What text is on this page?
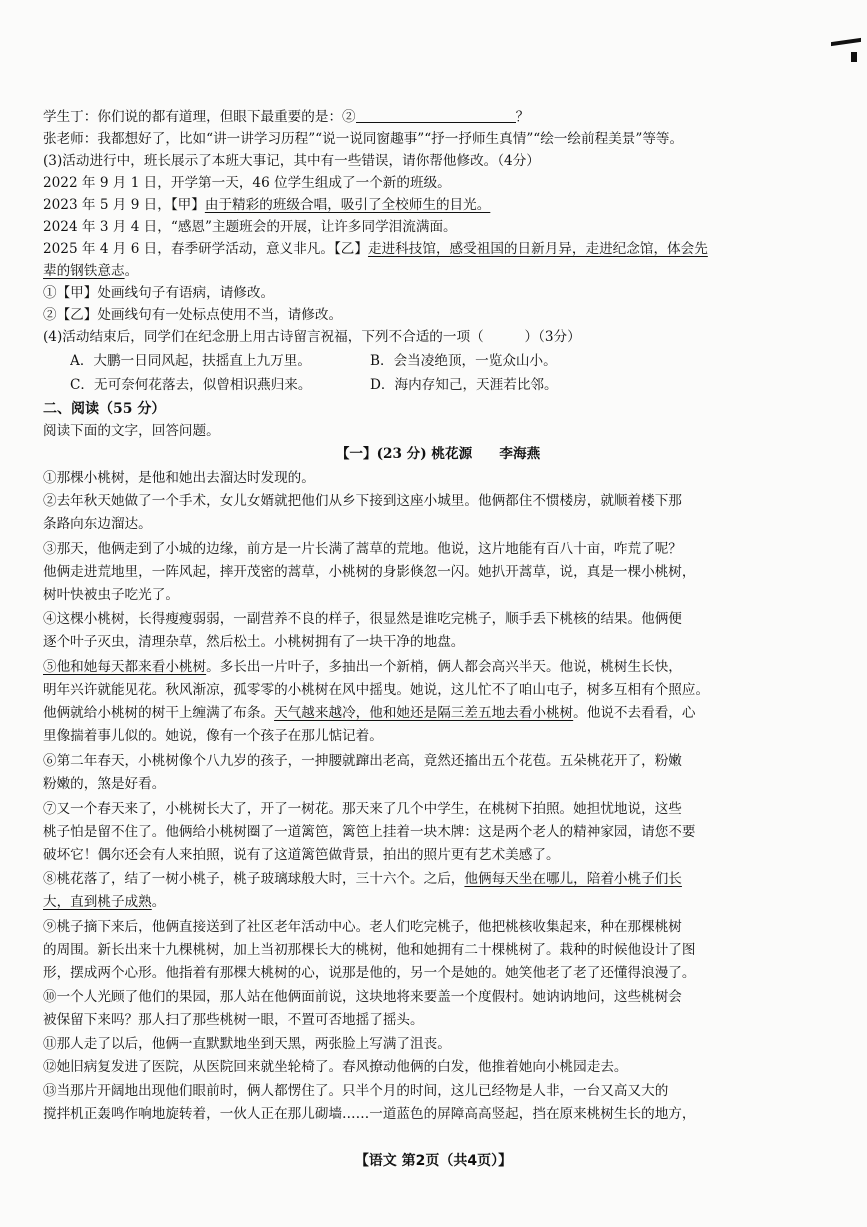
学生丁：你们说的都有道理，但眼下最重要的是：②	？
张老师：我都想好了，比如“讲一讲学习历程”“说一说同窗趣事”“抒一抒师生真情”“绘一绘前程美景”等等。
(3)活动进行中，班长展示了本班大事记，其中有一些错误，请你帮他修改。（4分）
2022 年 9 月 1 日，开学第一天，46 位学生组成了一个新的班级。
2023 年 5 月 9 日，【甲】由于精彩的班级合唱，吸引了全校师生的目光。
2024 年 3 月 4 日，“感恩”主题班会的开展，让许多同学泪流满面。
2025 年 4 月 6 日，春季研学活动，意义非凡。【乙】走进科技馆，感受祖国的日新月异，走进纪念馆，体会先
辈的钢铁意志。
①【甲】处画线句子有语病，请修改。
②【乙】处画线句有一处标点使用不当，请修改。
(4)活动结束后，同学们在纪念册上用古诗留言祝福，下列不合适的一项（　　　）（3分）
A．大鹏一日同风起，扶摇直上九万里。	B．会当凌绝顶，一览众山小。
C．无可奈何花落去，似曾相识燕归来。	D．海内存知己，天涯若比邻。
二、阅读（55 分）
阅读下面的文字，回答问题。
【一】(23 分) 桃花源　　李海燕
①那棵小桃树，是他和她出去溜达时发现的。
②去年秋天她做了一个手术，女儿女婿就把他们从乡下接到这座小城里。他俩都住不惯楼房，就顺着楼下那
条路向东边溜达。
③那天，他俩走到了小城的边缘，前方是一片长满了蒿草的荒地。他说，这片地能有百八十亩，咋荒了呢？
他俩走进荒地里，一阵风起，摔开茂密的蒿草，小桃树的身影倏忽一闪。她扒开蒿草，说，真是一棵小桃树，
树叶快被虫子吃光了。
④这棵小桃树，长得瘦瘦弱弱，一副营养不良的样子，很显然是谁吃完桃子，顺手丢下桃核的结果。他俩便
逐个叶子灭虫，清理杂草，然后松土。小桃树拥有了一块干净的地盘。
⑤他和她每天都来看小桃树。多长出一片叶子，多抽出一个新梢，俩人都会高兴半天。他说，桃树生长快，
明年兴许就能见花。秋风渐凉，孤零零的小桃树在风中摇曳。她说，这儿忙不了咱山屯子，树多互相有个照应。
他俩就给小桃树的树干上缠满了布条。天气越来越冷，他和她还是隔三差五地去看小桃树。他说不去看看，心
里像揣着事儿似的。她说，像有一个孩子在那儿惦记着。
⑥第二年春天，小桃树像个八九岁的孩子，一抻腰就蹿出老高，竟然还搐出五个花苞。五朵桃花开了，粉嫩
粉嫩的，煞是好看。
⑦又一个春天来了，小桃树长大了，开了一树花。那天来了几个中学生，在桃树下拍照。她担忧地说，这些
桃子怕是留不住了。他俩给小桃树圈了一道篱笆，篱笆上挂着一块木牌：这是两个老人的精神家园，请您不要
破坏它！偶尔还会有人来拍照，说有了这道篱笆做背景，拍出的照片更有艺术美感了。
⑧桃花落了，结了一树小桃子，桃子玻璃球般大时，三十六个。之后，他俩每天坐在哪儿，陪着小桃子们长
大，直到桃子成熟。
⑨桃子摘下来后，他俩直接送到了社区老年活动中心。老人们吃完桃子，他把桃核收集起来，种在那棵桃树
的周围。新长出来十九棵桃树，加上当初那棵长大的桃树，他和她拥有二十棵桃树了。栽种的时候他设计了图
形，摆成两个心形。他指着有那棵大桃树的心，说那是他的，另一个是她的。她笑他老了老了还懂得浪漫了。
⑩一个人光顾了他们的果园，那人站在他俩面前说，这块地将来要盖一个度假村。她讷讷地问，这些桃树会
被保留下来吗？那人扫了那些桃树一眼，不置可否地摇了摇头。
⑪那人走了以后，他俩一直默默地坐到天黑，两张脸上写满了沮丧。
⑫她旧病复发进了医院，从医院回来就坐轮椅了。春风撩动他俩的白发，他推着她向小桃园走去。
⑬当那片开阔地出现他们眼前时，俩人都愣住了。只半个月的时间，这儿已经物是人非，一台又高又大的
搅拌机正轰鸣作响地旋转着，一伙人正在那儿砌墙……一道蓝色的屏障高高竖起，挡在原来桃树生长的地方，
【语文 第2页（共4页）】
